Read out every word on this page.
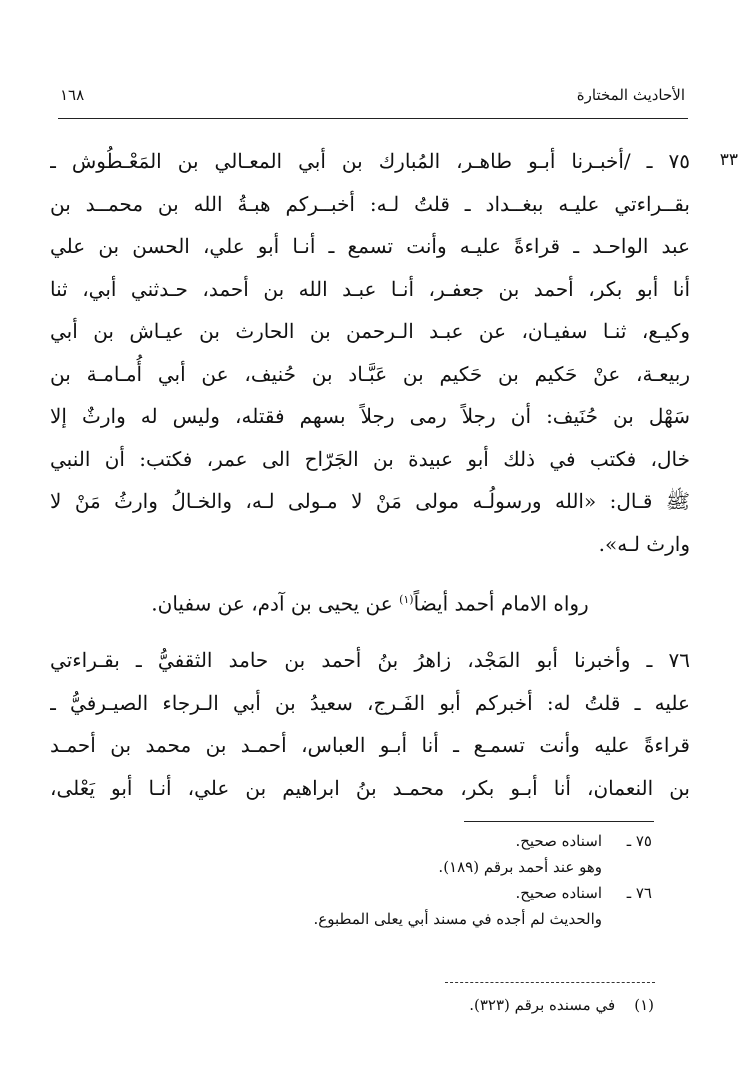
الأحاديث المختارة
١٦٨
٣٣

٧٥ ـ /أخبـرنا أبـو طاهـر، المُبارك بن أبي المعـالي بن المَعْـطُوش ـ
بقــراءتي عليـه ببغــداد ـ قلتُ لـه: أخبــركم هبـةُ الله بن محمــد بن
عبد الواحـد ـ قراءةً عليـه وأنت تسمع ـ أنـا أبو علي، الحسن بن علي
أنا أبو بكر، أحمد بن جعفـر، أنـا عبـد الله بن أحمد، حـدثني أبي، ثنا
وكيـع، ثنـا سفيـان، عن عبـد الـرحمن بن الحارث بن عيـاش بن أبي
ربيعـة، عنْ حَكيم بن حَكيم بن عَبَّـاد بن حُنيف، عن أبي أُمـامـة بن
سَهْل بن حُنَيف: أن رجلاً رمى رجلاً بسهم فقتله، وليس له وارثٌ إلا
خال، فكتب في ذلك أبو عبيدة بن الجَرّاح الى عمر، فكتب: أن النبي
ﷺ قـال: «الله ورسولُـه مولى مَنْ لا مـولى لـه، والخـالُ وارثُ مَنْ لا
وارث لـه».

رواه الامام أحمد أيضاً$^{(١)}$ عن يحيى بن آدم، عن سفيان.

٧٦ ـ وأخبرنا أبو المَجْد، زاهرُ بنُ أحمد بن حامد الثقفيُّ ـ بقـراءتي
عليه ـ قلتُ له: أخبركم أبو الفَـرج، سعيدُ بن أبي الـرجاء الصيـرفيُّ ـ
قراءةً عليه وأنت تسمـع ـ أنا أبـو العباس، أحمـد بن محمد بن أحمـد
بن النعمان، أنا أبـو بكر، محمـد بنُ ابراهيم بن علي، أنـا أبو يَعْلى،

٧٥ ـ
اسناده صحيح.
وهو عند أحمد برقم (١٨٩).
٧٦ ـ
اسناده صحيح.
والحديث لم أجده في مسند أبي يعلى المطبوع.
(١)    في مسنده برقم (٣٢٣).
